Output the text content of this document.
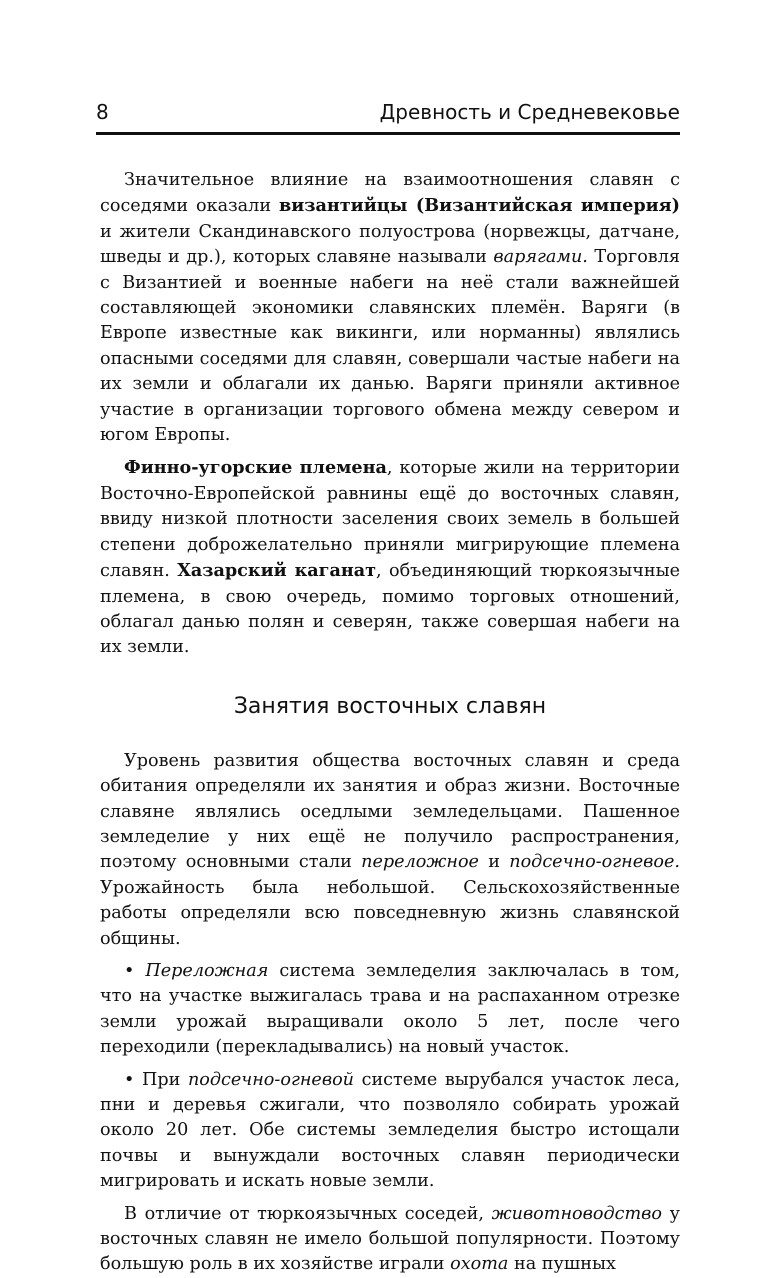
8	Древность и Средневековье

Значительное влияние на взаимоотношения славян с соседями оказали византийцы (Византийская империя) и жители Скандинавского полуострова (норвежцы, датчане, шведы и др.), которых славяне называли варягами. Торговля с Византией и военные набеги на неё стали важнейшей составляющей экономики славянских племён. Варяги (в Европе известные как викинги, или норманны) являлись опасными соседями для славян, совершали частые набеги на их земли и облагали их данью. Варяги приняли активное участие в организации торгового обмена между севером и югом Европы.

Финно-угорские племена, которые жили на территории Восточно-Европейской равнины ещё до восточных славян, ввиду низкой плотности заселения своих земель в большей степени доброжелательно приняли мигрирующие племена славян. Хазарский каганат, объединяющий тюркоязычные племена, в свою очередь, помимо торговых отношений, облагал данью полян и северян, также совершая набеги на их земли.

Занятия восточных славян

Уровень развития общества восточных славян и среда обитания определяли их занятия и образ жизни. Восточные славяне являлись оседлыми земледельцами. Пашенное земледелие у них ещё не получило распространения, поэтому основными стали переложное и подсечно-огневое. Урожайность была небольшой. Сельскохозяйственные работы определяли всю повседневную жизнь славянской общины.

• Переложная система земледелия заключалась в том, что на участке выжигалась трава и на распаханном отрезке земли урожай выращивали около 5 лет, после чего переходили (перекладывались) на новый участок.

• При подсечно-огневой системе вырубался участок леса, пни и деревья сжигали, что позволяло собирать урожай около 20 лет. Обе системы земледелия быстро истощали почвы и вынуждали восточных славян периодически мигрировать и искать новые земли.

В отличие от тюркоязычных соседей, животноводство у восточных славян не имело большой популярности. Поэтому большую роль в их хозяйстве играли охота на пушных
